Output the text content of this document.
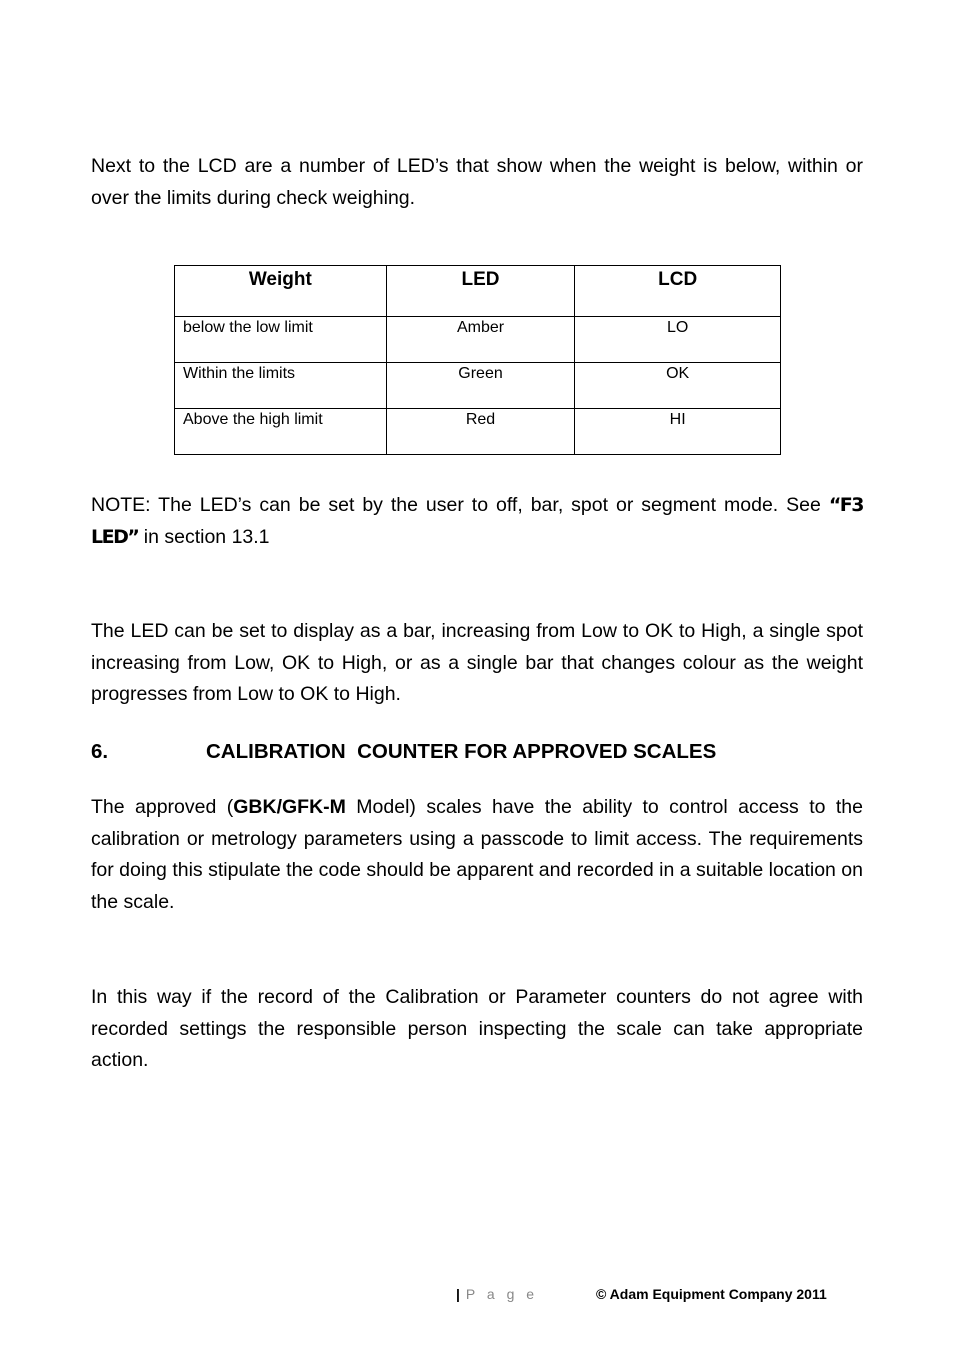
Next to the LCD are a number of LED’s that show when the weight is below, within or over the limits during check weighing.

Weight	LED	LCD
below the low limit	Amber	LO
Within the limits	Green	OK
Above the high limit	Red	HI

NOTE: The LED’s can be set by the user to off, bar, spot or segment mode. See “F3 LED” in section 13.1

The LED can be set to display as a bar, increasing from Low to OK to High, a single spot increasing from Low, OK to High, or as a single bar that changes colour as the weight progresses from Low to OK to High.

6.	CALIBRATION  COUNTER FOR APPROVED SCALES

The approved (GBK/GFK-M Model) scales have the ability to control access to the calibration or metrology parameters using a passcode to limit access. The requirements for doing this stipulate the code should be apparent and recorded in a suitable location on the scale.

In this way if the record of the Calibration or Parameter counters do not agree with recorded settings the responsible person inspecting the scale can take appropriate action.

| P a g e	© Adam Equipment Company 2011
